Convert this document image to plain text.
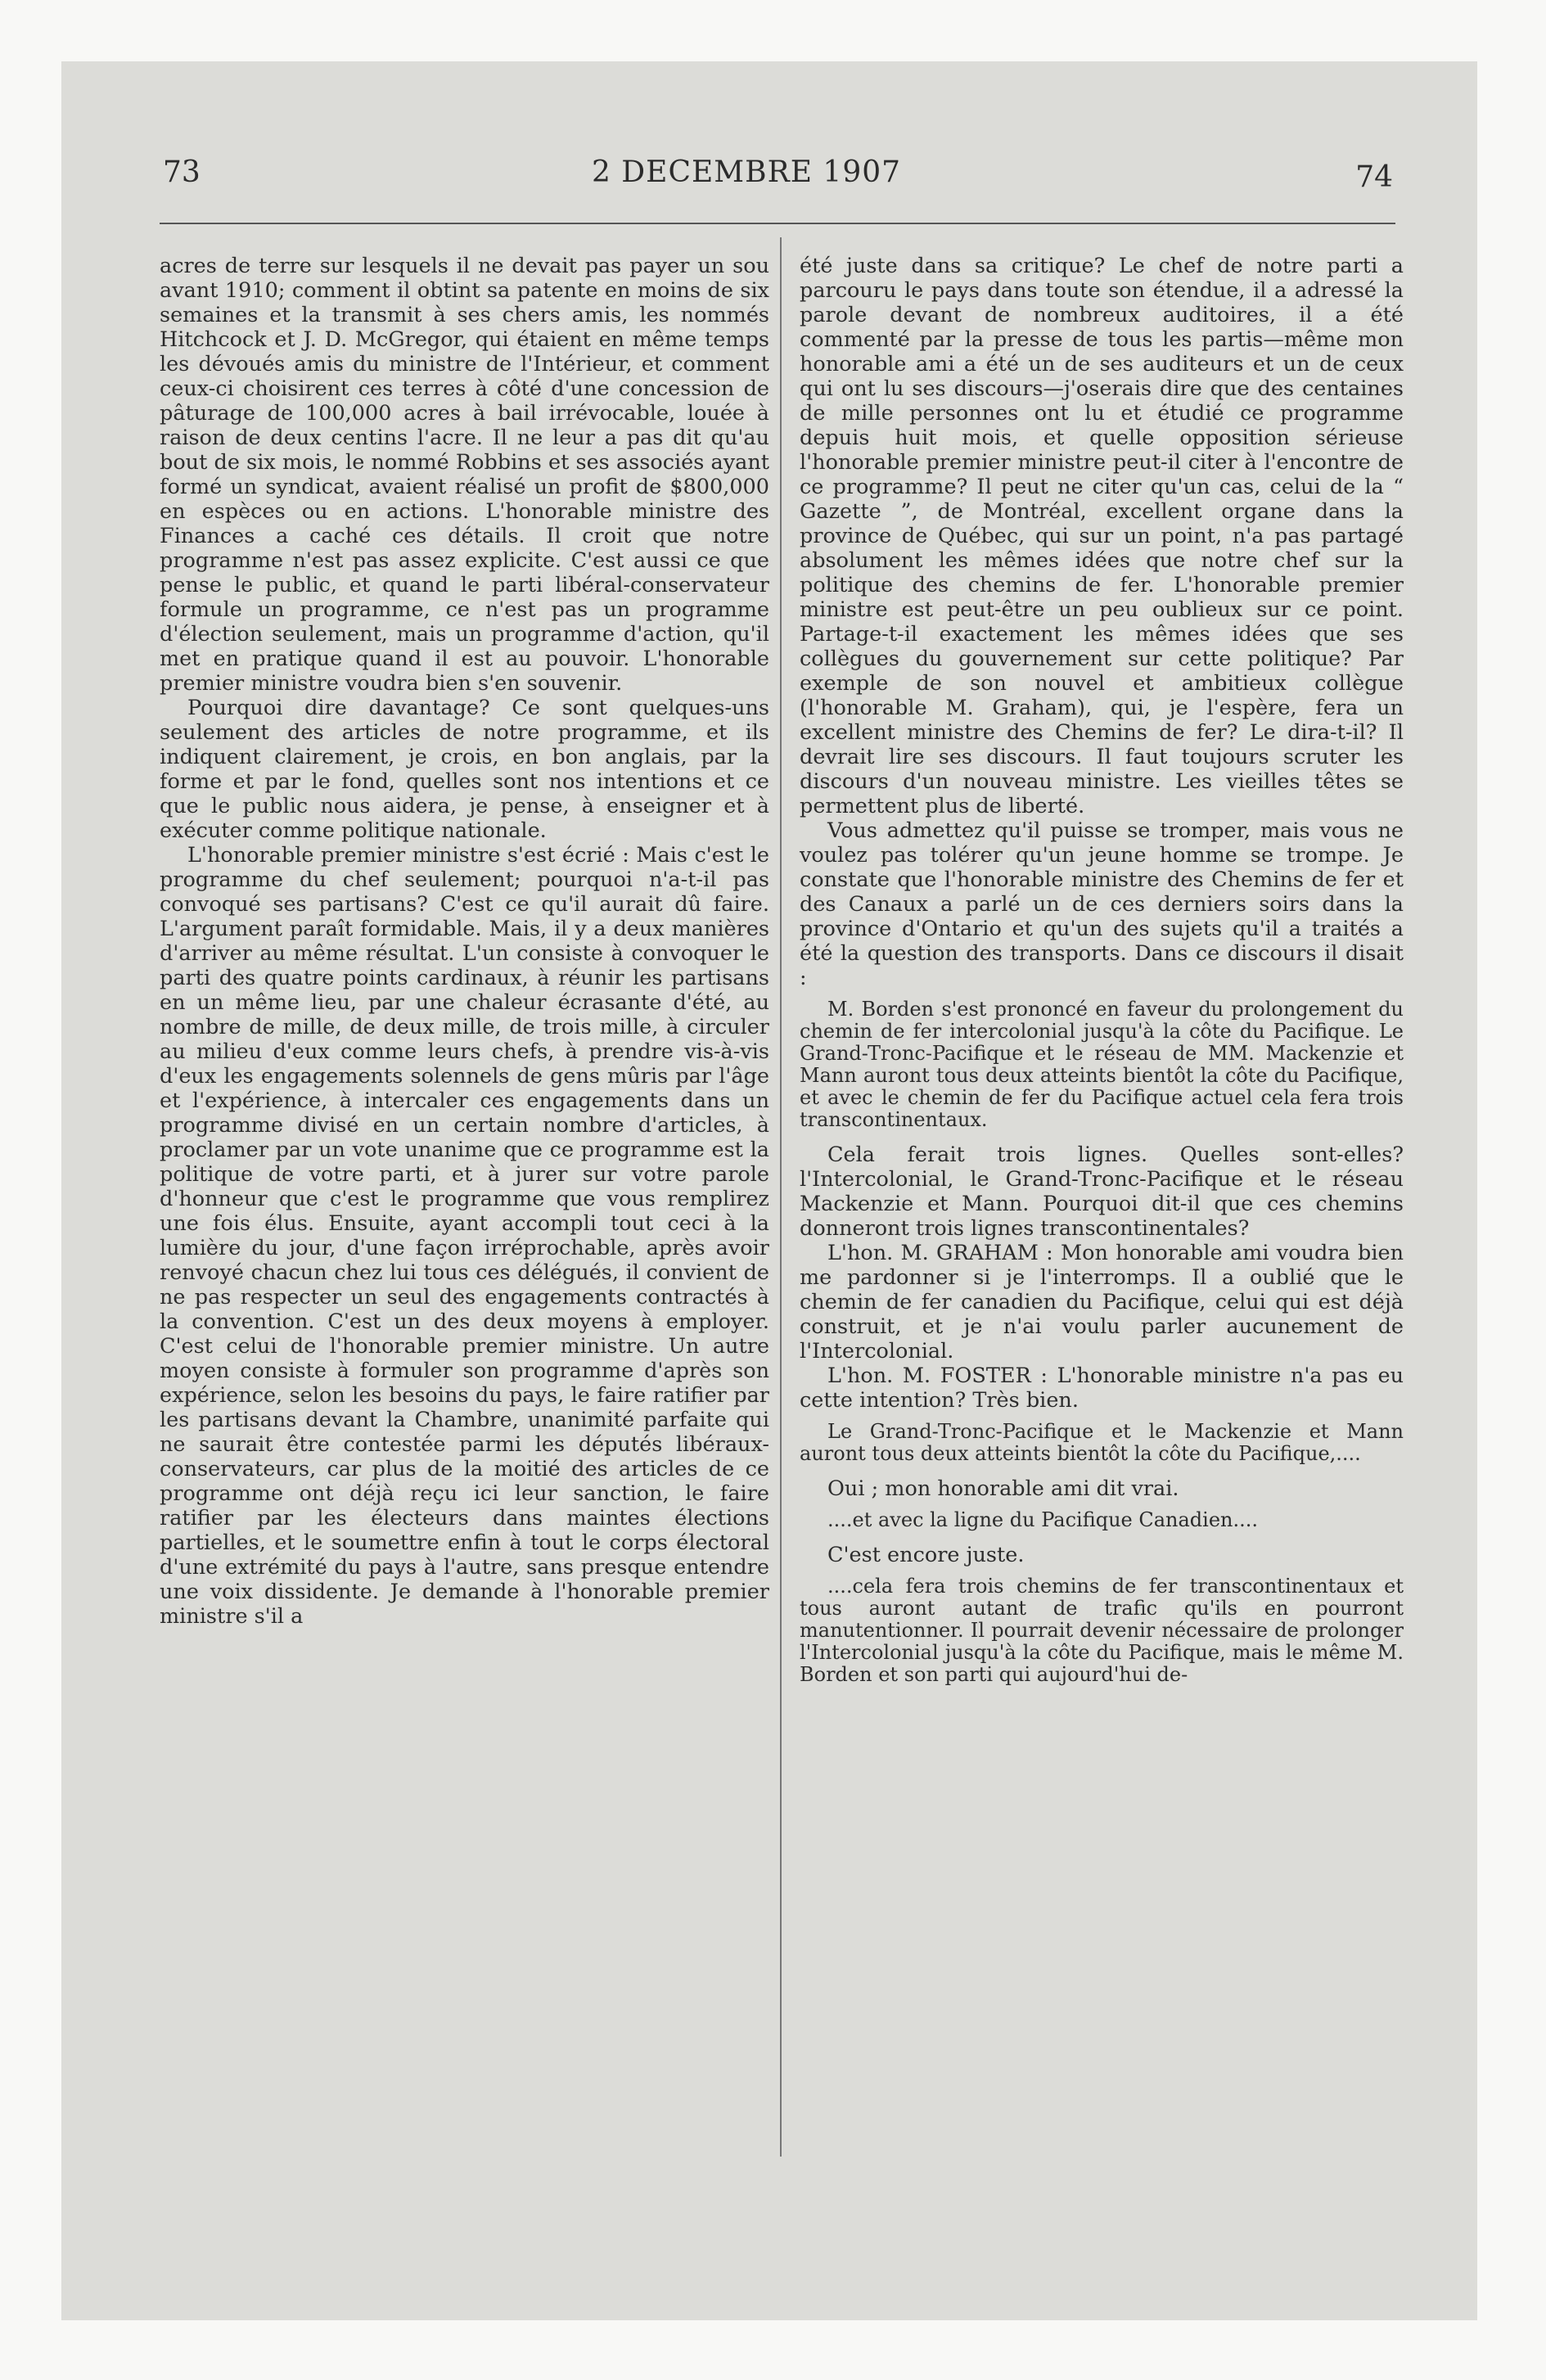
73	2 DECEMBRE 1907	74

acres de terre sur lesquels il ne devait pas payer un sou avant 1910; comment il obtint sa patente en moins de six semaines et la transmit à ses chers amis, les nommés Hitchcock et J. D. McGregor, qui étaient en même temps les dévoués amis du ministre de l'Intérieur, et comment ceux-ci choisirent ces terres à côté d'une concession de pâturage de 100,000 acres à bail irrévocable, louée à raison de deux centins l'acre. Il ne leur a pas dit qu'au bout de six mois, le nommé Robbins et ses associés ayant formé un syndicat, avaient réalisé un profit de $800,000 en espèces ou en actions. L'honorable ministre des Finances a caché ces détails. Il croit que notre programme n'est pas assez explicite. C'est aussi ce que pense le public, et quand le parti libéral-conservateur formule un programme, ce n'est pas un programme d'élection seulement, mais un programme d'action, qu'il met en pratique quand il est au pouvoir. L'honorable premier ministre voudra bien s'en souvenir.

Pourquoi dire davantage? Ce sont quelques-uns seulement des articles de notre programme, et ils indiquent clairement, je crois, en bon anglais, par la forme et par le fond, quelles sont nos intentions et ce que le public nous aidera, je pense, à enseigner et à exécuter comme politique nationale.

L'honorable premier ministre s'est écrié : Mais c'est le programme du chef seulement; pourquoi n'a-t-il pas convoqué ses partisans? C'est ce qu'il aurait dû faire. L'argument paraît formidable. Mais, il y a deux manières d'arriver au même résultat. L'un consiste à convoquer le parti des quatre points cardinaux, à réunir les partisans en un même lieu, par une chaleur écrasante d'été, au nombre de mille, de deux mille, de trois mille, à circuler au milieu d'eux comme leurs chefs, à prendre vis-à-vis d'eux les engagements solennels de gens mûris par l'âge et l'expérience, à intercaler ces engagements dans un programme divisé en un certain nombre d'articles, à proclamer par un vote unanime que ce programme est la politique de votre parti, et à jurer sur votre parole d'honneur que c'est le programme que vous remplirez une fois élus. Ensuite, ayant accompli tout ceci à la lumière du jour, d'une façon irréprochable, après avoir renvoyé chacun chez lui tous ces délégués, il convient de ne pas respecter un seul des engagements contractés à la convention. C'est un des deux moyens à employer. C'est celui de l'honorable premier ministre. Un autre moyen consiste à formuler son programme d'après son expérience, selon les besoins du pays, le faire ratifier par les partisans devant la Chambre, unanimité parfaite qui ne saurait être contestée parmi les députés libéraux-conservateurs, car plus de la moitié des articles de ce programme ont déjà reçu ici leur sanction, le faire ratifier par les électeurs dans maintes élections partielles, et le soumettre enfin à tout le corps électoral d'une extrémité du pays à l'autre, sans presque entendre une voix dissidente. Je demande à l'honorable premier ministre s'il a

été juste dans sa critique? Le chef de notre parti a parcouru le pays dans toute son étendue, il a adressé la parole devant de nombreux auditoires, il a été commenté par la presse de tous les partis—même mon honorable ami a été un de ses auditeurs et un de ceux qui ont lu ses discours—j'oserais dire que des centaines de mille personnes ont lu et étudié ce programme depuis huit mois, et quelle opposition sérieuse l'honorable premier ministre peut-il citer à l'encontre de ce programme? Il peut ne citer qu'un cas, celui de la “ Gazette ”, de Montréal, excellent organe dans la province de Québec, qui sur un point, n'a pas partagé absolument les mêmes idées que notre chef sur la politique des chemins de fer. L'honorable premier ministre est peut-être un peu oublieux sur ce point. Partage-t-il exactement les mêmes idées que ses collègues du gouvernement sur cette politique? Par exemple de son nouvel et ambitieux collègue (l'honorable M. Graham), qui, je l'espère, fera un excellent ministre des Chemins de fer? Le dira-t-il? Il devrait lire ses discours. Il faut toujours scruter les discours d'un nouveau ministre. Les vieilles têtes se permettent plus de liberté.

Vous admettez qu'il puisse se tromper, mais vous ne voulez pas tolérer qu'un jeune homme se trompe. Je constate que l'honorable ministre des Chemins de fer et des Canaux a parlé un de ces derniers soirs dans la province d'Ontario et qu'un des sujets qu'il a traités a été la question des transports. Dans ce discours il disait :

M. Borden s'est prononcé en faveur du prolongement du chemin de fer intercolonial jusqu'à la côte du Pacifique. Le Grand-Tronc-Pacifique et le réseau de MM. Mackenzie et Mann auront tous deux atteints bientôt la côte du Pacifique, et avec le chemin de fer du Pacifique actuel cela fera trois transcontinentaux.

Cela ferait trois lignes. Quelles sont-elles? l'Intercolonial, le Grand-Tronc-Pacifique et le réseau Mackenzie et Mann. Pourquoi dit-il que ces chemins donneront trois lignes transcontinentales?

L'hon. M. GRAHAM : Mon honorable ami voudra bien me pardonner si je l'interromps. Il a oublié que le chemin de fer canadien du Pacifique, celui qui est déjà construit, et je n'ai voulu parler aucunement de l'Intercolonial.

L'hon. M. FOSTER : L'honorable ministre n'a pas eu cette intention? Très bien.

Le Grand-Tronc-Pacifique et le Mackenzie et Mann auront tous deux atteints bientôt la côte du Pacifique,....

Oui ; mon honorable ami dit vrai.

....et avec la ligne du Pacifique Canadien....

C'est encore juste.

....cela fera trois chemins de fer transcontinentaux et tous auront autant de trafic qu'ils en pourront manutentionner. Il pourrait devenir nécessaire de prolonger l'Intercolonial jusqu'à la côte du Pacifique, mais le même M. Borden et son parti qui aujourd'hui de-
